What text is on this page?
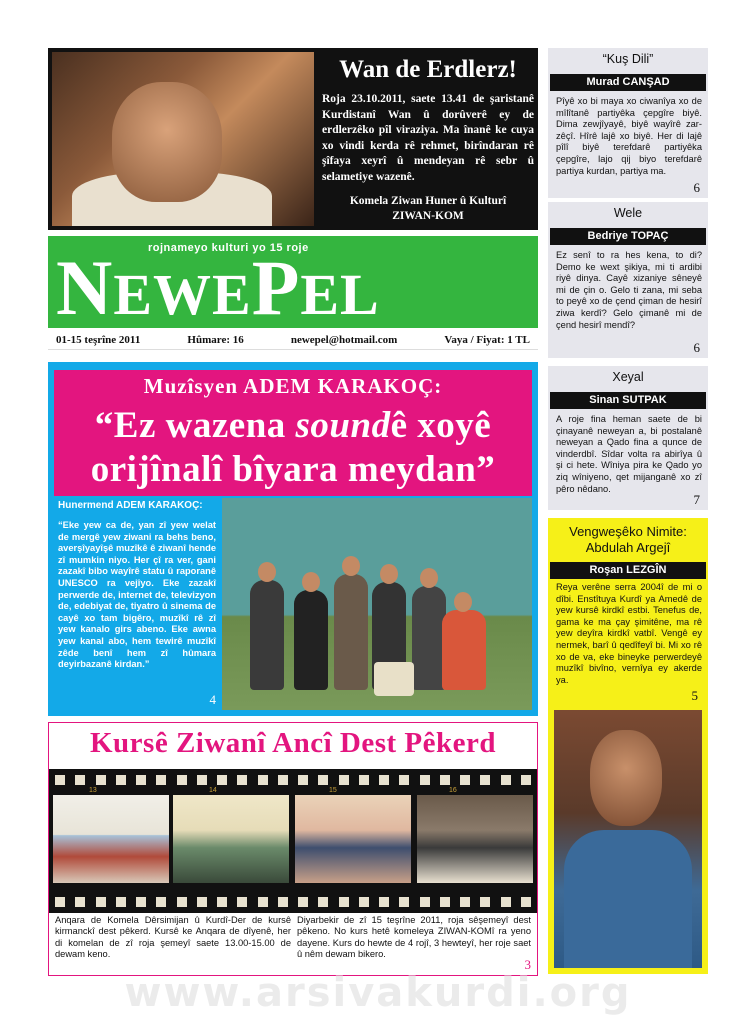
Wan de Erdlerz!
Roja 23.10.2011, saete 13.41 de şaristanê Kurdistanî Wan û dorûverê ey de erdlerzêko pîl viraziya. Ma înanê ke cuya xo vindi kerda rê rehmet, birîndaran rê şîfaya xeyrî û mendeyan rê sebr û selametiye wazenê.
Komela Ziwan Huner û Kulturî
ZIWAN-KOM
NEWEPEL
rojnameyo kulturi yo 15 roje
01-15 teşrîne 2011	Hûmare: 16	newepel@hotmail.com	Vaya / Fiyat: 1 TL
Muzîsyen ADEM KARAKOÇ:
“Ez wazena soundê xoyê orijînalî bîyara meydan”
Hunermend ADEM KARAKOÇ:
“Eke yew ca de, yan zî yew welat de mergê yew ziwani ra behs beno, averşîyayîşê muzîkê ê ziwanî hende zî mumkin niyo. Her çî ra ver, gani zazakî bibo wayîrê statu û raporanê UNESCO ra vejîyo. Eke zazakî perwerde de, internet de, televizyon de, edebiyat de, tiyatro û sinema de cayê xo tam bigêro, muzîkî rê zî yew kanalo girs abeno. Eke awna yew kanal abo, hem tewirê muzîkî zêde benî hem zî hûmara deyirbazanê kirdan.”
4
Kursê Ziwanî Ancî Dest Pêkerd
13	14	15	16
Anqara de Komela Dêrsimijan û Kurdî-Der de kursê kirmanckî dest pêkerd. Kursê ke Anqara de dîyenê, her di komelan de zî roja şemeyî saete 13.00-15.00 de dewam keno.
Diyarbekir de zî 15 teşrîne 2011, roja sêşemeyî dest pêkeno. No kurs hetê komeleya ZIWAN-KOMî ra yeno dayene. Kurs do hewte de 4 rojî, 3 hewteyî, her roje saet û nêm dewam bikero.
3
“Kuş Dili”
Murad CANŞAD
Pîyê xo bi maya xo ciwanîya xo de mîlîtanê partiyêka çepgîre biyê. Dima zewjîyayê, biyê wayîrê zar-zêçî. Hîrê lajê xo biyê. Her di lajê pîlî biyê terefdarê partiyêka çepgîre, lajo qij biyo terefdarê partiya kurdan, partiya ma.
6
Wele
Bedriye TOPAÇ
Ez senî to ra hes kena, to di? Demo ke wext şikiya, mi ti ardibi riyê dinya. Cayê xizaniye sêneyê mi de çin o. Gelo ti zana, mi seba to peyê xo de çend çiman de hesirî ziwa kerdî? Gelo çimanê mi de çend hesirî mendî?
6
Xeyal
Sinan SUTPAK
A roje fina heman saete de bi çinayanê neweyan a, bi postalanê neweyan a Qado fina a qunce de vinderdbî. Sîdar volta ra abirîya û şi ci hete. Wîniya pira ke Qado yo ziq wîniyeno, qet mijanganê xo zî pêro nêdano.
7
Vengweşêko Nimite: Abdulah Argejî
Roşan LEZGÎN
Reya verêne serra 2004î de mi o dîbi. Enstîtuya Kurdî ya Amedê de yew kursê kirdkî estbi. Tenefus de, gama ke ma çay şimitêne, ma rê yew deyîra kirdkî vatbî. Vengê ey nermek, barî û qedîfeyî bi. Mi xo rê xo de va, eke bineyke perwerdeyê muzîkî bivîno, vernîya ey akerde ya.
5
www.arsivakurdi.org
